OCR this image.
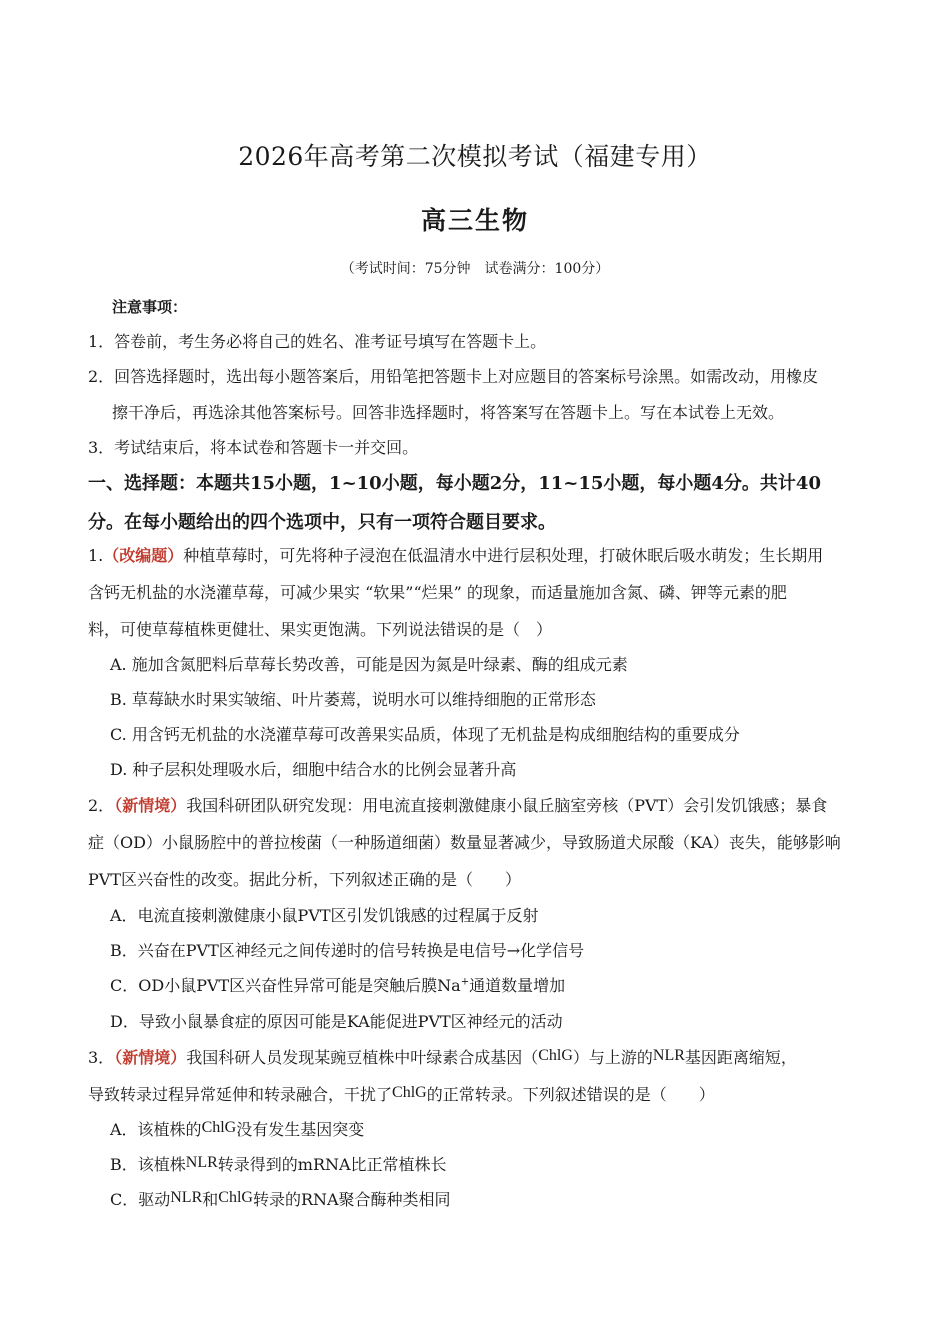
2026年高考第二次模拟考试（福建专用）
高三生物
（考试时间：75分钟　试卷满分：100分）
注意事项：
1．答卷前，考生务必将自己的姓名、准考证号填写在答题卡上。
2．回答选择题时，选出每小题答案后，用铅笔把答题卡上对应题目的答案标号涂黑。如需改动，用橡皮
擦干净后，再选涂其他答案标号。回答非选择题时，将答案写在答题卡上。写在本试卷上无效。
3．考试结束后，将本试卷和答题卡一并交回。
一、选择题：本题共15小题，1~10小题，每小题2分，11~15小题，每小题4分。共计40
分。在每小题给出的四个选项中，只有一项符合题目要求。
1.（改编题）种植草莓时，可先将种子浸泡在低温清水中进行层积处理，打破休眠后吸水萌发；生长期用
含钙无机盐的水浇灌草莓，可减少果实 “软果”“烂果” 的现象，而适量施加含氮、磷、钾等元素的肥
料，可使草莓植株更健壮、果实更饱满。下列说法错误的是（　）
A. 施加含氮肥料后草莓长势改善，可能是因为氮是叶绿素、酶的组成元素
B. 草莓缺水时果实皱缩、叶片萎蔫，说明水可以维持细胞的正常形态
C. 用含钙无机盐的水浇灌草莓可改善果实品质，体现了无机盐是构成细胞结构的重要成分
D. 种子层积处理吸水后，细胞中结合水的比例会显著升高
2．（新情境）我国科研团队研究发现：用电流直接刺激健康小鼠丘脑室旁核（PVT）会引发饥饿感；暴食
症（OD）小鼠肠腔中的普拉梭菌（一种肠道细菌）数量显著减少，导致肠道犬尿酸（KA）丧失，能够影响
PVT区兴奋性的改变。据此分析，下列叙述正确的是（　　）
A．电流直接刺激健康小鼠PVT区引发饥饿感的过程属于反射
B．兴奋在PVT区神经元之间传递时的信号转换是电信号→化学信号
C．OD小鼠PVT区兴奋性异常可能是突触后膜Na+通道数量增加
D．导致小鼠暴食症的原因可能是KA能促进PVT区神经元的活动
3．（新情境）我国科研人员发现某豌豆植株中叶绿素合成基因（ChlG）与上游的NLR基因距离缩短，
导致转录过程异常延伸和转录融合，干扰了ChlG的正常转录。下列叙述错误的是（　　）
A．该植株的ChlG没有发生基因突变
B．该植株NLR转录得到的mRNA比正常植株长
C．驱动NLR和ChlG转录的RNA聚合酶种类相同
